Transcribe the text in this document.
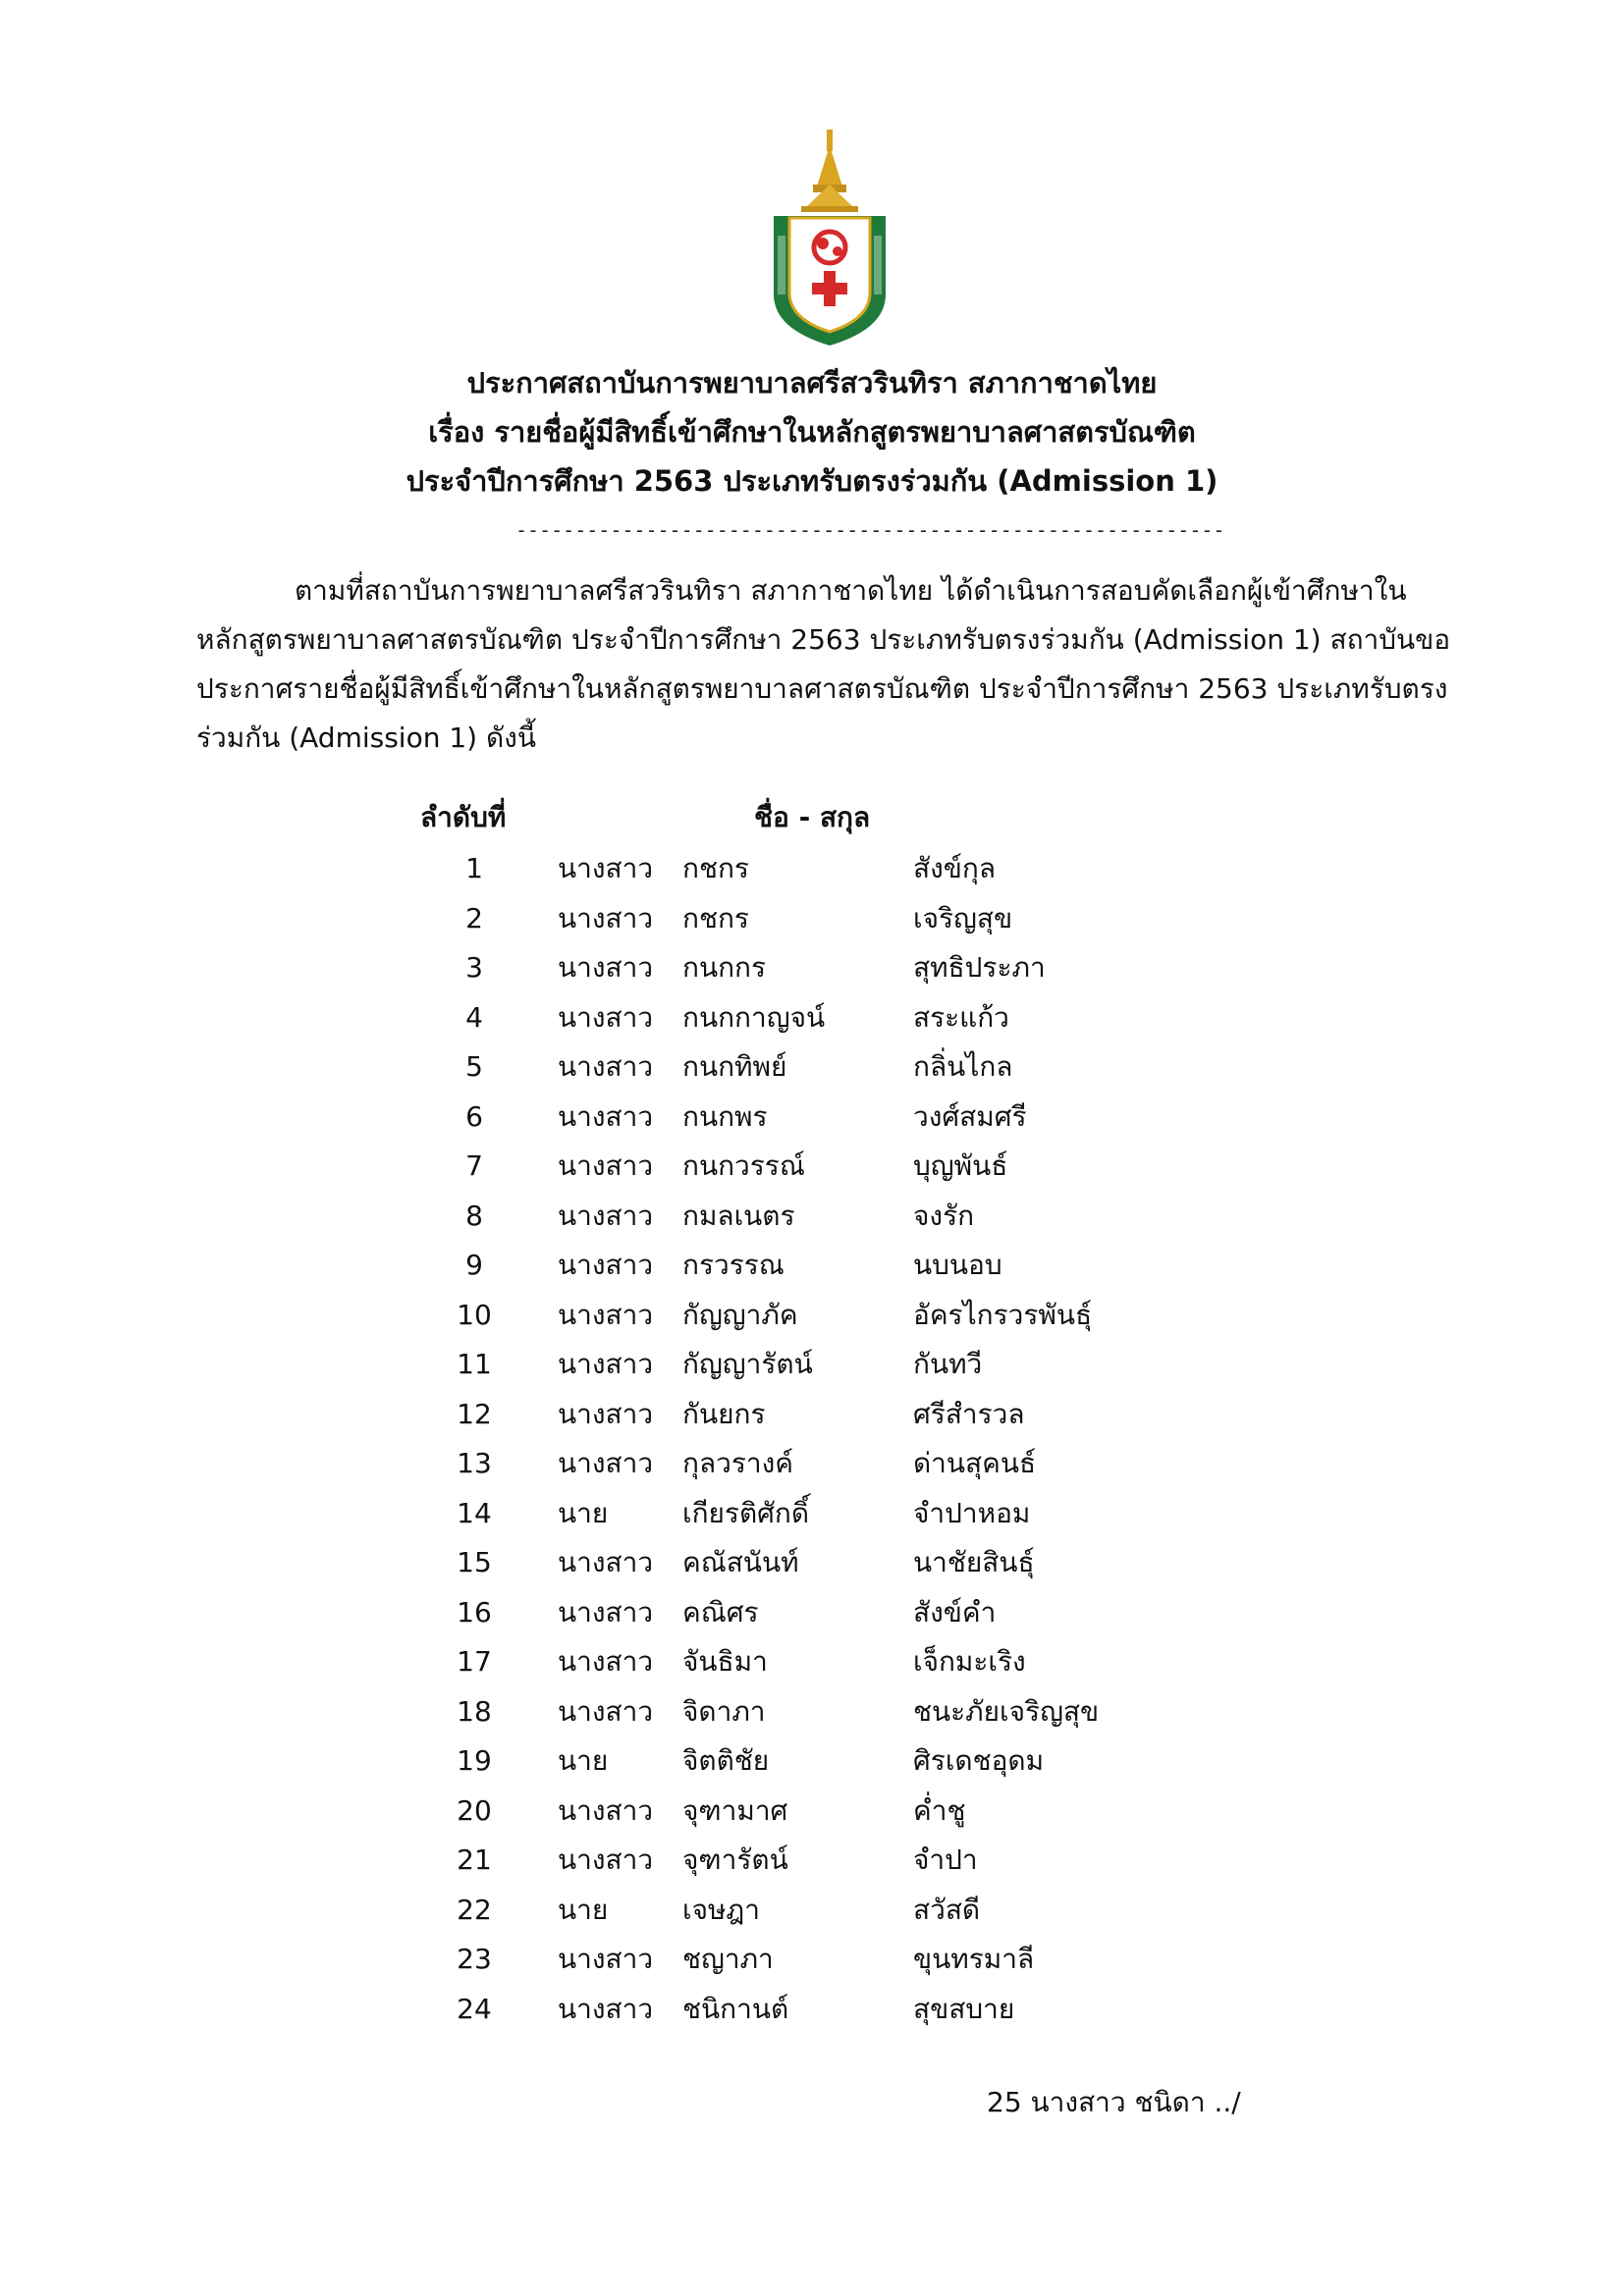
ประกาศสถาบันการพยาบาลศรีสวรินทิรา สภากาชาดไทย
เรื่อง รายชื่อผู้มีสิทธิ์เข้าศึกษาในหลักสูตรพยาบาลศาสตรบัณฑิต
ประจำปีการศึกษา 2563 ประเภทรับตรงร่วมกัน (Admission 1)
------------------------------------------------------------
ตามที่สถาบันการพยาบาลศรีสวรินทิรา สภากาชาดไทย ได้ดำเนินการสอบคัดเลือกผู้เข้าศึกษาใน
หลักสูตรพยาบาลศาสตรบัณฑิต ประจำปีการศึกษา 2563 ประเภทรับตรงร่วมกัน (Admission 1) สถาบันขอ
ประกาศรายชื่อผู้มีสิทธิ์เข้าศึกษาในหลักสูตรพยาบาลศาสตรบัณฑิต ประจำปีการศึกษา 2563 ประเภทรับตรง
ร่วมกัน (Admission 1) ดังนี้
ลำดับที่	ชื่อ - สกุล
1	นางสาว กชกร	สังข์กุล
2	นางสาว กชกร	เจริญสุข
3	นางสาว กนกกร	สุทธิประภา
4	นางสาว กนกกาญจน์	สระแก้ว
5	นางสาว กนกทิพย์	กลิ่นไกล
6	นางสาว กนกพร	วงศ์สมศรี
7	นางสาว กนกวรรณ์	บุญพันธ์
8	นางสาว กมลเนตร	จงรัก
9	นางสาว กรวรรณ	นบนอบ
10 นางสาว กัญญาภัค	อัครไกรวรพันธุ์
11 นางสาว กัญญารัตน์	กันทวี
12 นางสาว กันยกร	ศรีสำรวล
13 นางสาว กุลวรางค์	ด่านสุคนธ์
14 นาย	เกียรติศักดิ์	จำปาหอม
15 นางสาว คณัสนันท์	นาชัยสินธุ์
16 นางสาว คณิศร	สังข์คำ
17 นางสาว จันธิมา	เจ็กมะเริง
18 นางสาว จิดาภา	ชนะภัยเจริญสุข
19 นาย	จิตติชัย	ศิรเดชอุดม
20 นางสาว จุฑามาศ	ค่ำชู
21 นางสาว จุฑารัตน์	จำปา
22 นาย	เจษฎา	สวัสดี
23 นางสาว ชญาภา	ขุนทรมาลี
24 นางสาว ชนิกานต์	สุขสบาย
25 นางสาว ชนิดา ../
